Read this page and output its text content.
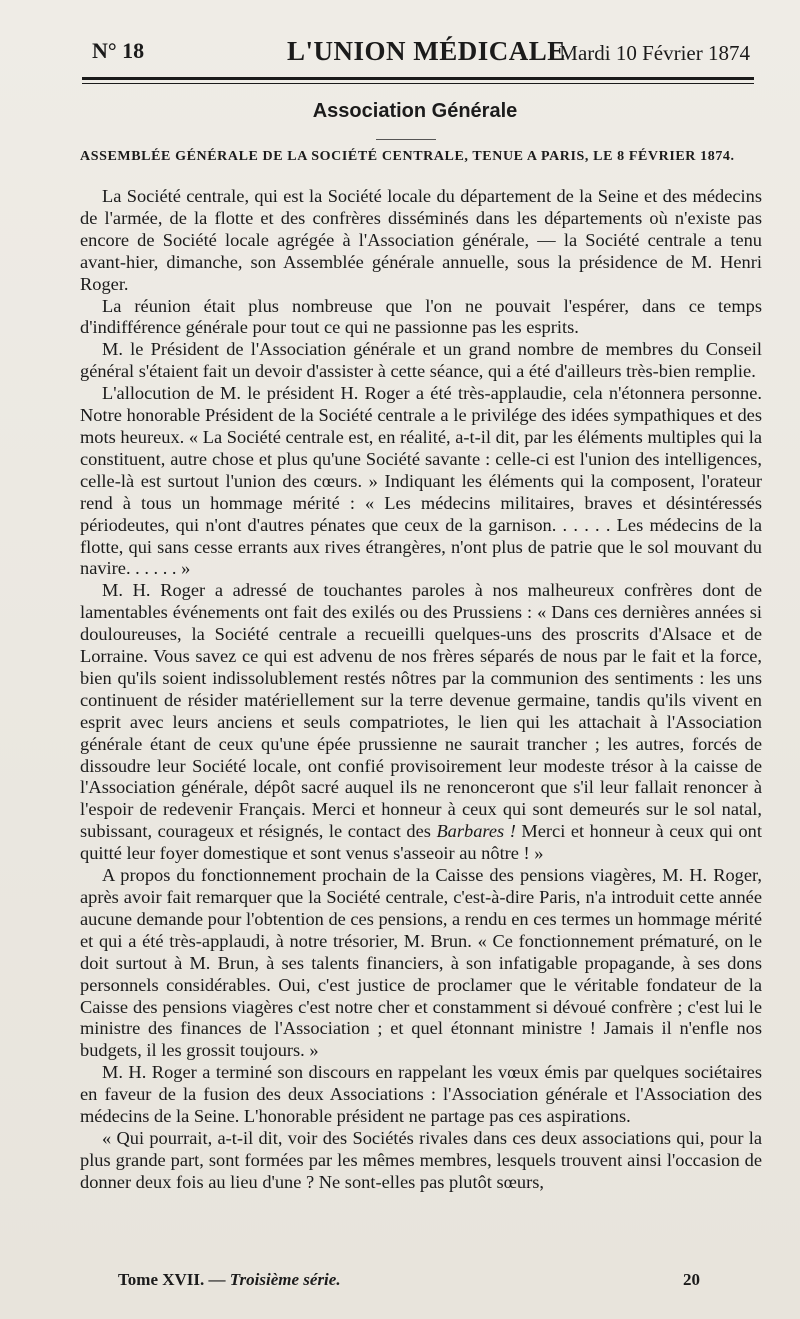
N° 18	L'UNION MÉDICALE
Mardi 10 Février 1874
Association Générale
ASSEMBLÉE GÉNÉRALE DE LA SOCIÉTÉ CENTRALE, TENUE A PARIS, LE 8 FÉVRIER 1874.

La Société centrale, qui est la Société locale du département de la Seine et des médecins de l'armée, de la flotte et des confrères disséminés dans les départements où n'existe pas encore de Société locale agrégée à l'Association générale, — la Société centrale a tenu avant-hier, dimanche, son Assemblée générale annuelle, sous la présidence de M. Henri Roger.

La réunion était plus nombreuse que l'on ne pouvait l'espérer, dans ce temps d'indifférence générale pour tout ce qui ne passionne pas les esprits.

M. le Président de l'Association générale et un grand nombre de membres du Conseil général s'étaient fait un devoir d'assister à cette séance, qui a été d'ailleurs très-bien remplie.

L'allocution de M. le président H. Roger a été très-applaudie, cela n'étonnera personne. Notre honorable Président de la Société centrale a le privilége des idées sympathiques et des mots heureux. « La Société centrale est, en réalité, a-t-il dit, par les éléments multiples qui la constituent, autre chose et plus qu'une Société savante : celle-ci est l'union des intelligences, celle-là est surtout l'union des cœurs. » Indiquant les éléments qui la composent, l'orateur rend à tous un hommage mérité : « Les médecins militaires, braves et désintéressés périodeutes, qui n'ont d'autres pénates que ceux de la garnison. . . . . . Les médecins de la flotte, qui sans cesse errants aux rives étrangères, n'ont plus de patrie que le sol mouvant du navire. . . . . . »

M. H. Roger a adressé de touchantes paroles à nos malheureux confrères dont de lamentables événements ont fait des exilés ou des Prussiens : « Dans ces dernières années si douloureuses, la Société centrale a recueilli quelques-uns des proscrits d'Alsace et de Lorraine. Vous savez ce qui est advenu de nos frères séparés de nous par le fait et la force, bien qu'ils soient indissolublement restés nôtres par la communion des sentiments : les uns continuent de résider matériellement sur la terre devenue germaine, tandis qu'ils vivent en esprit avec leurs anciens et seuls compatriotes, le lien qui les attachait à l'Association générale étant de ceux qu'une épée prussienne ne saurait trancher ; les autres, forcés de dissoudre leur Société locale, ont confié provisoirement leur modeste trésor à la caisse de l'Association générale, dépôt sacré auquel ils ne renonceront que s'il leur fallait renoncer à l'espoir de redevenir Français. Merci et honneur à ceux qui sont demeurés sur le sol natal, subissant, courageux et résignés, le contact des Barbares ! Merci et honneur à ceux qui ont quitté leur foyer domestique et sont venus s'asseoir au nôtre ! »

A propos du fonctionnement prochain de la Caisse des pensions viagères, M. H. Roger, après avoir fait remarquer que la Société centrale, c'est-à-dire Paris, n'a introduit cette année aucune demande pour l'obtention de ces pensions, a rendu en ces termes un hommage mérité et qui a été très-applaudi, à notre trésorier, M. Brun. « Ce fonctionnement prématuré, on le doit surtout à M. Brun, à ses talents financiers, à son infatigable propagande, à ses dons personnels considérables. Oui, c'est justice de proclamer que le véritable fondateur de la Caisse des pensions viagères c'est notre cher et constamment si dévoué confrère ; c'est lui le ministre des finances de l'Association ; et quel étonnant ministre ! Jamais il n'enfle nos budgets, il les grossit toujours. »

M. H. Roger a terminé son discours en rappelant les vœux émis par quelques sociétaires en faveur de la fusion des deux Associations : l'Association générale et l'Association des médecins de la Seine. L'honorable président ne partage pas ces aspirations.

« Qui pourrait, a-t-il dit, voir des Sociétés rivales dans ces deux associations qui, pour la plus grande part, sont formées par les mêmes membres, lesquels trouvent ainsi l'occasion de donner deux fois au lieu d'une ? Ne sont-elles pas plutôt sœurs,

Tome XVII. — Troisième série.	20
